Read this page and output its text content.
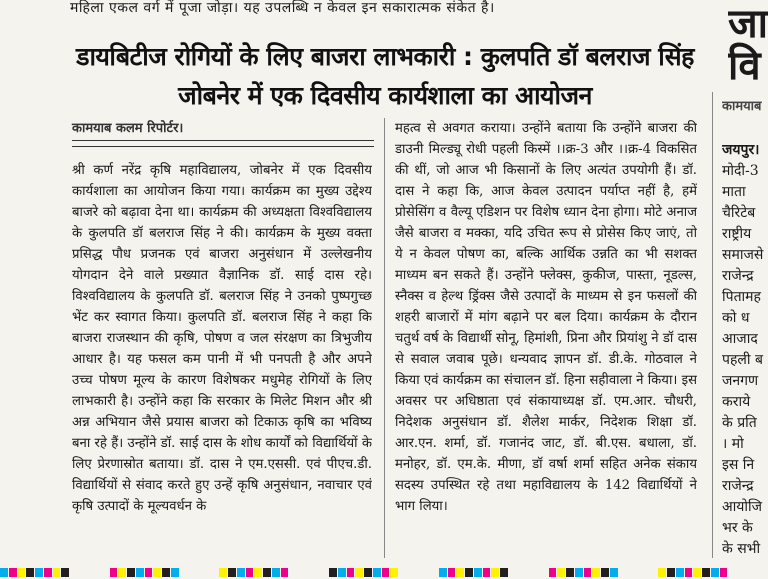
महिला एकल वर्ग में पूजा जोड़ा। यह उपलब्धि न केवल इन सकारात्मक संकेत है।
डायबिटीज रोगियों के लिए बाजरा लाभकारी : कुलपति डॉ बलराज सिंह
जोबनेर में एक दिवसीय कार्यशाला का आयोजन
कामयाब कलम रिपोर्टर।

श्री कर्ण नरेंद्र कृषि महाविद्यालय, जोबनेर में एक दिवसीय कार्यशाला का आयोजन किया गया। कार्यक्रम का मुख्य उद्देश्य बाजरे को बढ़ावा देना था। कार्यक्रम की अध्यक्षता विश्वविद्यालय के कुलपति डॉ बलराज सिंह ने की। कार्यक्रम के मुख्य वक्ता प्रसिद्ध पौध प्रजनक एवं बाजरा अनुसंधान में उल्लेखनीय योगदान देने वाले प्रख्यात वैज्ञानिक डॉ. साई दास रहे। विश्वविद्यालय के कुलपति डॉ. बलराज सिंह ने उनको पुष्पगुच्छ भेंट कर स्वागत किया। कुलपति डॉ. बलराज सिंह ने कहा कि बाजरा राजस्थान की कृषि, पोषण व जल संरक्षण का त्रिभुजीय आधार है। यह फसल कम पानी में भी पनपती है और अपने उच्च पोषण मूल्य के कारण विशेषकर मधुमेह रोगियों के लिए लाभकारी है। उन्होंने कहा कि सरकार के मिलेट मिशन और श्री अन्न अभियान जैसे प्रयास बाजरा को टिकाऊ कृषि का भविष्य बना रहे हैं। उन्होंने डॉ. साई दास के शोध कार्यों को विद्यार्थियों के लिए प्रेरणास्रोत बताया। डॉ. दास ने एम.एससी. एवं पीएच.डी. विद्यार्थियों से संवाद करते हुए उन्हें कृषि अनुसंधान, नवाचार एवं कृषि उत्पादों के मूल्यवर्धन के

महत्व से अवगत कराया। उन्होंने बताया कि उन्होंने बाजरा की डाउनी मिल्ड्यू रोधी पहली किस्में ।।क्र-3 और ।।क्र-4 विकसित की थीं, जो आज भी किसानों के लिए अत्यंत उपयोगी हैं। डॉ. दास ने कहा कि, आज केवल उत्पादन पर्याप्त नहीं है, हमें प्रोसेसिंग व वैल्यू एडिशन पर विशेष ध्यान देना होगा। मोटे अनाज जैसे बाजरा व मक्का, यदि उचित रूप से प्रोसेस किए जाएं, तो ये न केवल पोषण का, बल्कि आर्थिक उन्नति का भी सशक्त माध्यम बन सकते हैं। उन्होंने फ्लेक्स, कुकीज, पास्ता, नूडल्स, स्नैक्स व हेल्थ ड्रिंक्स जैसे उत्पादों के माध्यम से इन फसलों की शहरी बाजारों में मांग बढ़ाने पर बल दिया। कार्यक्रम के दौरान चतुर्थ वर्ष के विद्यार्थी सोनू, हिमांशी, प्रिना और प्रियांशु ने डॉ दास से सवाल जवाब पूछे। धन्यवाद ज्ञापन डॉ. डी.के. गोठवाल ने किया एवं कार्यक्रम का संचालन डॉ. हिना सहीवाला ने किया। इस अवसर पर अधिष्ठाता एवं संकायाध्यक्ष डॉ. एम.आर. चौधरी, निदेशक अनुसंधान डॉ. शैलेश मार्कर, निदेशक शिक्षा डॉ. आर.एन. शर्मा, डॉ. गजानंद जाट, डॉ. बी.एस. बधाला, डॉ. मनोहर, डॉ. एम.के. मीणा, डॉ वर्षा शर्मा सहित अनेक संकाय सदस्य उपस्थित रहे तथा महाविद्यालय के 142 विद्यार्थियों ने भाग लिया।

जा
वि
कामयाब
जयपुर।
मोदी-3
माता
चैरिटेब
राष्ट्रीय
समाजसे
राजेन्द्र
पितामह
को ध
आजाद
पहली ब
जनगण
कराये
के प्रति
। मो
इस नि
राजेन्द्र
आयोजि
भर के
के सभी
